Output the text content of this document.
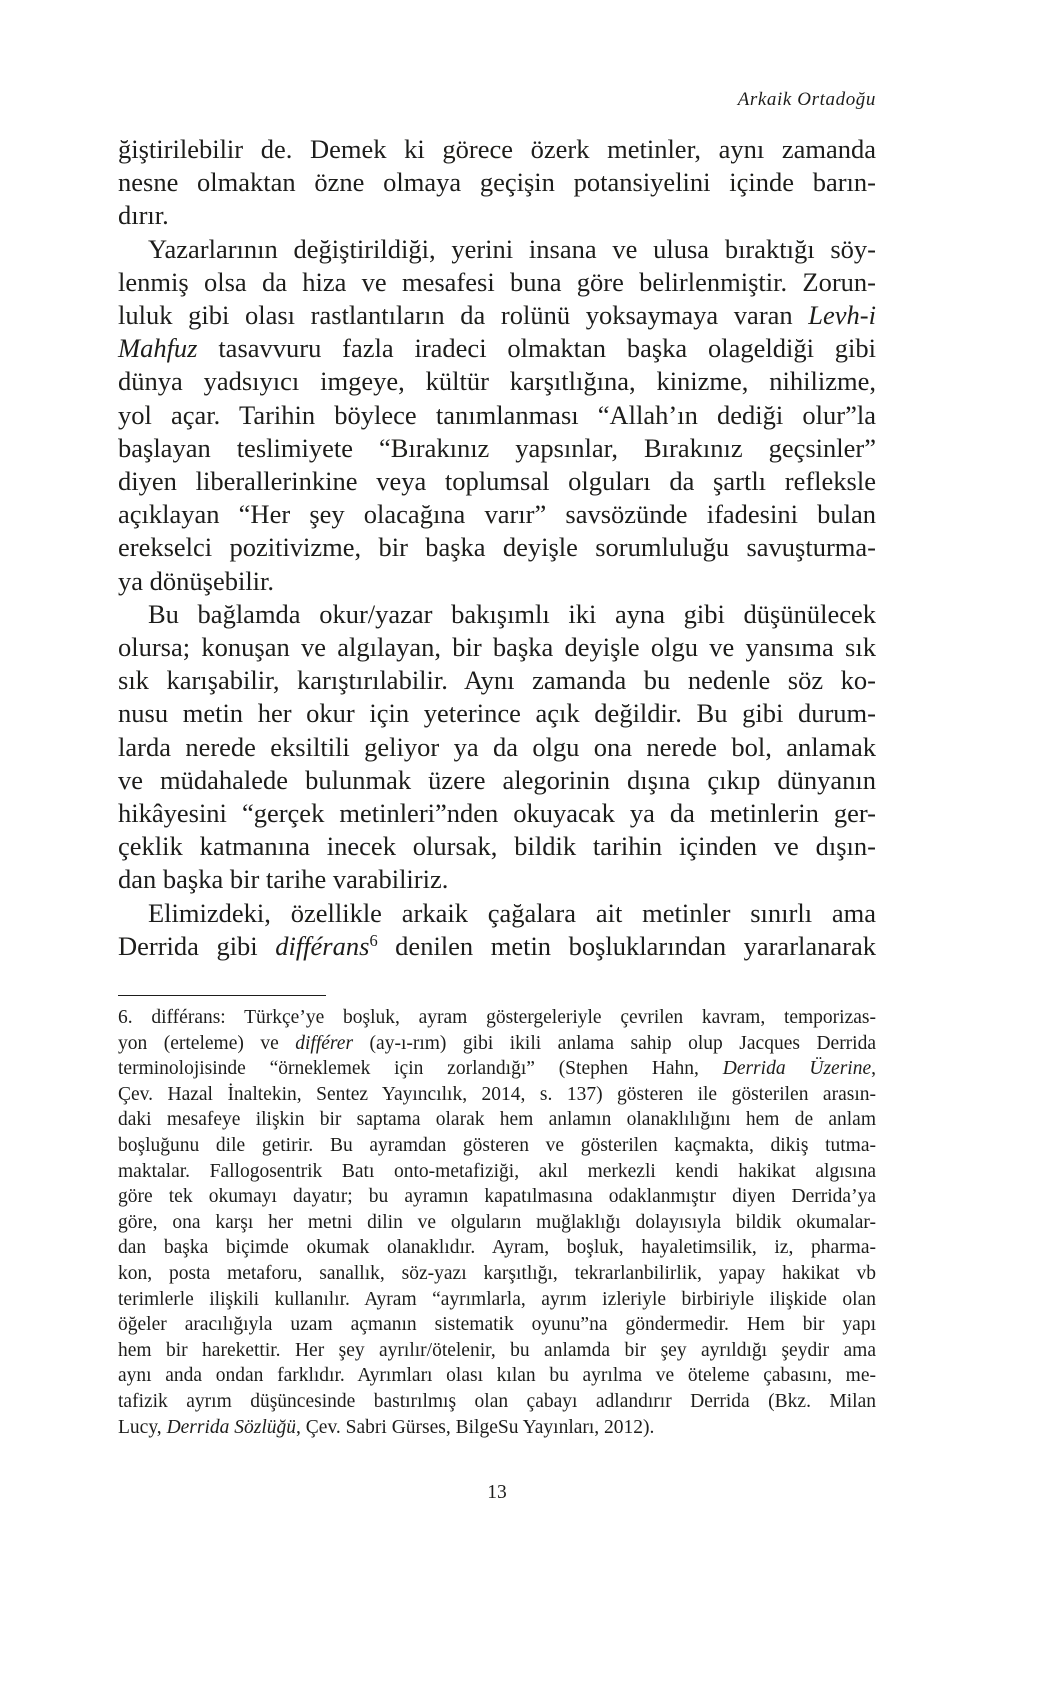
Arkaik Ortadoğu
ğiştirilebilir de. Demek ki görece özerk metinler, aynı zamanda
nesne olmaktan özne olmaya geçişin potansiyelini içinde barın-
dırır.
Yazarlarının değiştirildiği, yerini insana ve ulusa bıraktığı söy-
lenmiş olsa da hiza ve mesafesi buna göre belirlenmiştir. Zorun-
luluk gibi olası rastlantıların da rolünü yoksaymaya varan Levh-i
Mahfuz tasavvuru fazla iradeci olmaktan başka olageldiği gibi
dünya yadsıyıcı imgeye, kültür karşıtlığına, kinizme, nihilizme,
yol açar. Tarihin böylece tanımlanması “Allah’ın dediği olur”la
başlayan teslimiyete “Bırakınız yapsınlar, Bırakınız geçsinler”
diyen liberallerinkine veya toplumsal olguları da şartlı refleksle
açıklayan “Her şey olacağına varır” savsözünde ifadesini bulan
erekselci pozitivizme, bir başka deyişle sorumluluğu savuşturma-
ya dönüşebilir.
Bu bağlamda okur/yazar bakışımlı iki ayna gibi düşünülecek
olursa; konuşan ve algılayan, bir başka deyişle olgu ve yansıma sık
sık karışabilir, karıştırılabilir. Aynı zamanda bu nedenle söz ko-
nusu metin her okur için yeterince açık değildir. Bu gibi durum-
larda nerede eksiltili geliyor ya da olgu ona nerede bol, anlamak
ve müdahalede bulunmak üzere alegorinin dışına çıkıp dünyanın
hikâyesini “gerçek metinleri”nden okuyacak ya da metinlerin ger-
çeklik katmanına inecek olursak, bildik tarihin içinden ve dışın-
dan başka bir tarihe varabiliriz.
Elimizdeki, özellikle arkaik çağalara ait metinler sınırlı ama
Derrida gibi différans$^6$ denilen metin boşluklarından yararlanarak
6. différans: Türkçe’ye boşluk, ayram göstergeleriyle çevrilen kavram, temporizas-
yon (erteleme) ve différer (ay-ı-rım) gibi ikili anlama sahip olup Jacques Derrida
terminolojisinde “örneklemek için zorlandığı” (Stephen Hahn, Derrida Üzerine,
Çev. Hazal İnaltekin, Sentez Yayıncılık, 2014, s. 137) gösteren ile gösterilen arasın-
daki mesafeye ilişkin bir saptama olarak hem anlamın olanaklılığını hem de anlam
boşluğunu dile getirir. Bu ayramdan gösteren ve gösterilen kaçmakta, dikiş tutma-
maktalar. Fallogosentrik Batı onto-metafiziği, akıl merkezli kendi hakikat algısına
göre tek okumayı dayatır; bu ayramın kapatılmasına odaklanmıştır diyen Derrida’ya
göre, ona karşı her metni dilin ve olguların muğlaklığı dolayısıyla bildik okumalar-
dan başka biçimde okumak olanaklıdır. Ayram, boşluk, hayaletimsilik, iz, pharma-
kon, posta metaforu, sanallık, söz-yazı karşıtlığı, tekrarlanbilirlik, yapay hakikat vb
terimlerle ilişkili kullanılır. Ayram “ayrımlarla, ayrım izleriyle birbiriyle ilişkide olan
öğeler aracılığıyla uzam açmanın sistematik oyunu”na göndermedir. Hem bir yapı
hem bir harekettir. Her şey ayrılır/ötelenir, bu anlamda bir şey ayrıldığı şeydir ama
aynı anda ondan farklıdır. Ayrımları olası kılan bu ayrılma ve öteleme çabasını, me-
tafizik ayrım düşüncesinde bastırılmış olan çabayı adlandırır Derrida (Bkz. Milan
Lucy, Derrida Sözlüğü, Çev. Sabri Gürses, BilgeSu Yayınları, 2012).
13
